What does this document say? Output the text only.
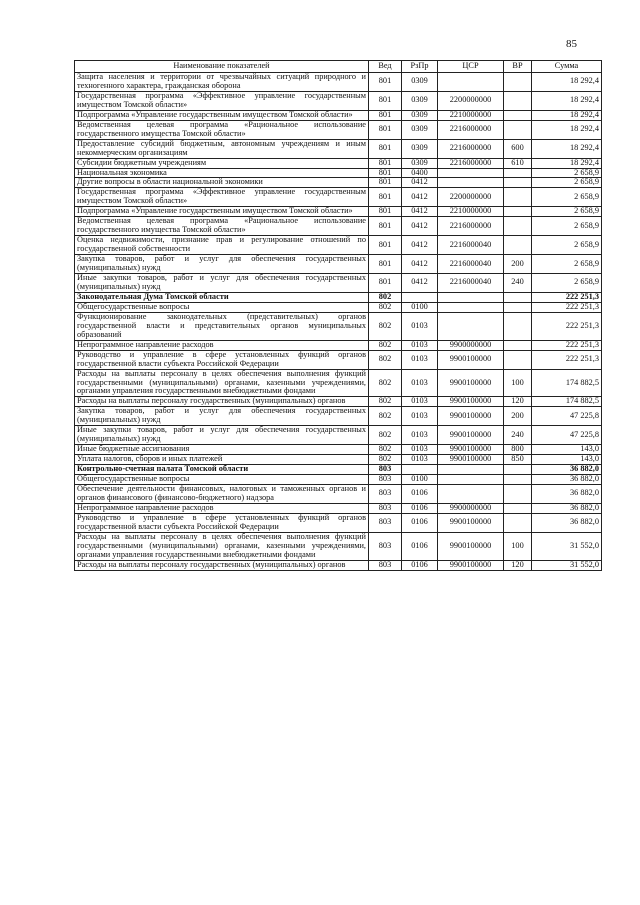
85
Наименование показателей	Вед	РзПр	ЦСР	ВР	Сумма
Защита населения и территории от чрезвычайных ситуаций природного и техногенного характера, гражданская оборона	801	0309			18 292,4
Государственная программа «Эффективное управление государственным имуществом Томской области»	801	0309	2200000000		18 292,4
Подпрограмма «Управление государственным имуществом Томской области»	801	0309	2210000000		18 292,4
Ведомственная целевая программа «Рациональное использование государственного имущества Томской области»	801	0309	2216000000		18 292,4
Предоставление субсидий бюджетным, автономным учреждениям и иным некоммерческим организациям	801	0309	2216000000	600	18 292,4
Субсидии бюджетным учреждениям	801	0309	2216000000	610	18 292,4
Национальная экономика	801	0400			2 658,9
Другие вопросы в области национальной экономики	801	0412			2 658,9
Государственная программа «Эффективное управление государственным имуществом Томской области»	801	0412	2200000000		2 658,9
Подпрограмма «Управление государственным имуществом Томской области»	801	0412	2210000000		2 658,9
Ведомственная целевая программа «Рациональное использование государственного имущества Томской области»	801	0412	2216000000		2 658,9
Оценка недвижимости, признание прав и регулирование отношений по государственной собственности	801	0412	2216000040		2 658,9
Закупка товаров, работ и услуг для обеспечения государственных (муниципальных) нужд	801	0412	2216000040	200	2 658,9
Иные закупки товаров, работ и услуг для обеспечения государственных (муниципальных) нужд	801	0412	2216000040	240	2 658,9
Законодательная Дума Томской области	802				222 251,3
Общегосударственные вопросы	802	0100			222 251,3
Функционирование законодательных (представительных) органов государственной власти и представительных органов муниципальных образований	802	0103			222 251,3
Непрограммное направление расходов	802	0103	9900000000		222 251,3
Руководство и управление в сфере установленных функций органов государственной власти субъекта Российской Федерации	802	0103	9900100000		222 251,3
Расходы на выплаты персоналу в целях обеспечения выполнения функций государственными (муниципальными) органами, казенными учреждениями, органами управления государственными внебюджетными фондами	802	0103	9900100000	100	174 882,5
Расходы на выплаты персоналу государственных (муниципальных) органов	802	0103	9900100000	120	174 882,5
Закупка товаров, работ и услуг для обеспечения государственных (муниципальных) нужд	802	0103	9900100000	200	47 225,8
Иные закупки товаров, работ и услуг для обеспечения государственных (муниципальных) нужд	802	0103	9900100000	240	47 225,8
Иные бюджетные ассигнования	802	0103	9900100000	800	143,0
Уплата налогов, сборов и иных платежей	802	0103	9900100000	850	143,0
Контрольно-счетная палата Томской области	803				36 882,0
Общегосударственные вопросы	803	0100			36 882,0
Обеспечение деятельности финансовых, налоговых и таможенных органов и органов финансового (финансово-бюджетного) надзора	803	0106			36 882,0
Непрограммное направление расходов	803	0106	9900000000		36 882,0
Руководство и управление в сфере установленных функций органов государственной власти субъекта Российской Федерации	803	0106	9900100000		36 882,0
Расходы на выплаты персоналу в целях обеспечения выполнения функций государственными (муниципальными) органами, казенными учреждениями, органами управления государственными внебюджетными фондами	803	0106	9900100000	100	31 552,0
Расходы на выплаты персоналу государственных (муниципальных) органов	803	0106	9900100000	120	31 552,0
